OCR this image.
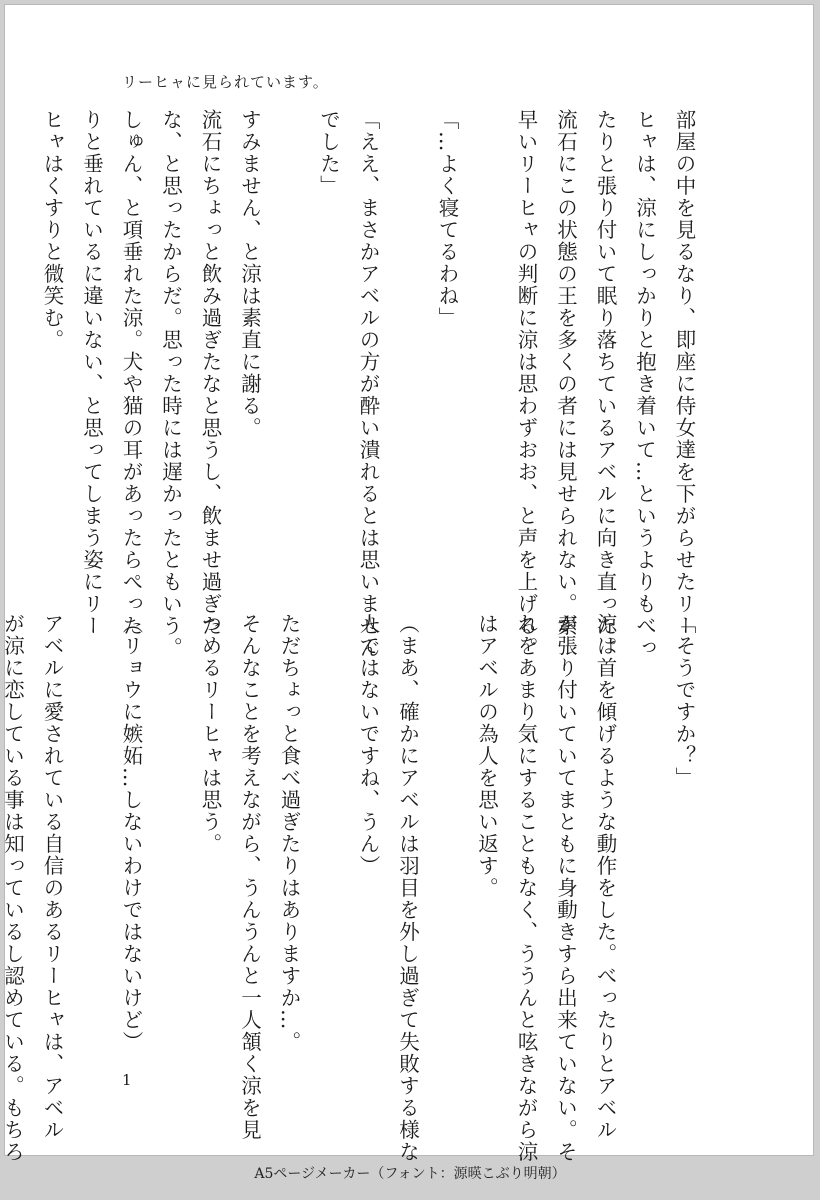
リーヒャに見られています。

部屋の中を見るなり、即座に侍女達を下がらせたリー

ヒャは、涼にしっかりと抱き着いて…というよりもべっ

たりと張り付いて眠り落ちているアベルに向き直った。

流石にこの状態の王を多くの者には見せられない。素

早いリーヒャの判断に涼は思わずおお、と声を上げる。

「…よく寝てるわね」

「ええ、まさかアベルの方が酔い潰れるとは思いません

でした」

すみません、と涼は素直に謝る。

流石にちょっと飲み過ぎたなと思うし、飲ませ過ぎた

な、と思ったからだ。思った時には遅かったともいう。

しゅん、と項垂れた涼。犬や猫の耳があったらぺった

りと垂れているに違いない、と思ってしまう姿にリー

ヒャはくすりと微笑む。

「そうですか？」

涼は首を傾げるような動作をした。べったりとアベル

が張り付いていてまともに身動きすら出来ていない。そ

れをあまり気にすることもなく、ううんと呟きながら涼

はアベルの為人を思い返す。

（まあ、確かにアベルは羽目を外し過ぎて失敗する様な

人ではないですね、うん）

ただちょっと食べ過ぎたりはありますか…。

そんなことを考えながら、うんうんと一人頷く涼を見

つめるリーヒャは思う。

（リョウに嫉妬…しないわけではないけど）

アベルに愛されている自信のあるリーヒャは、アベル

が涼に恋している事は知っているし認めている。もちろ	1
A5ページメーカー（フォント：源暎こぶり明朝）
